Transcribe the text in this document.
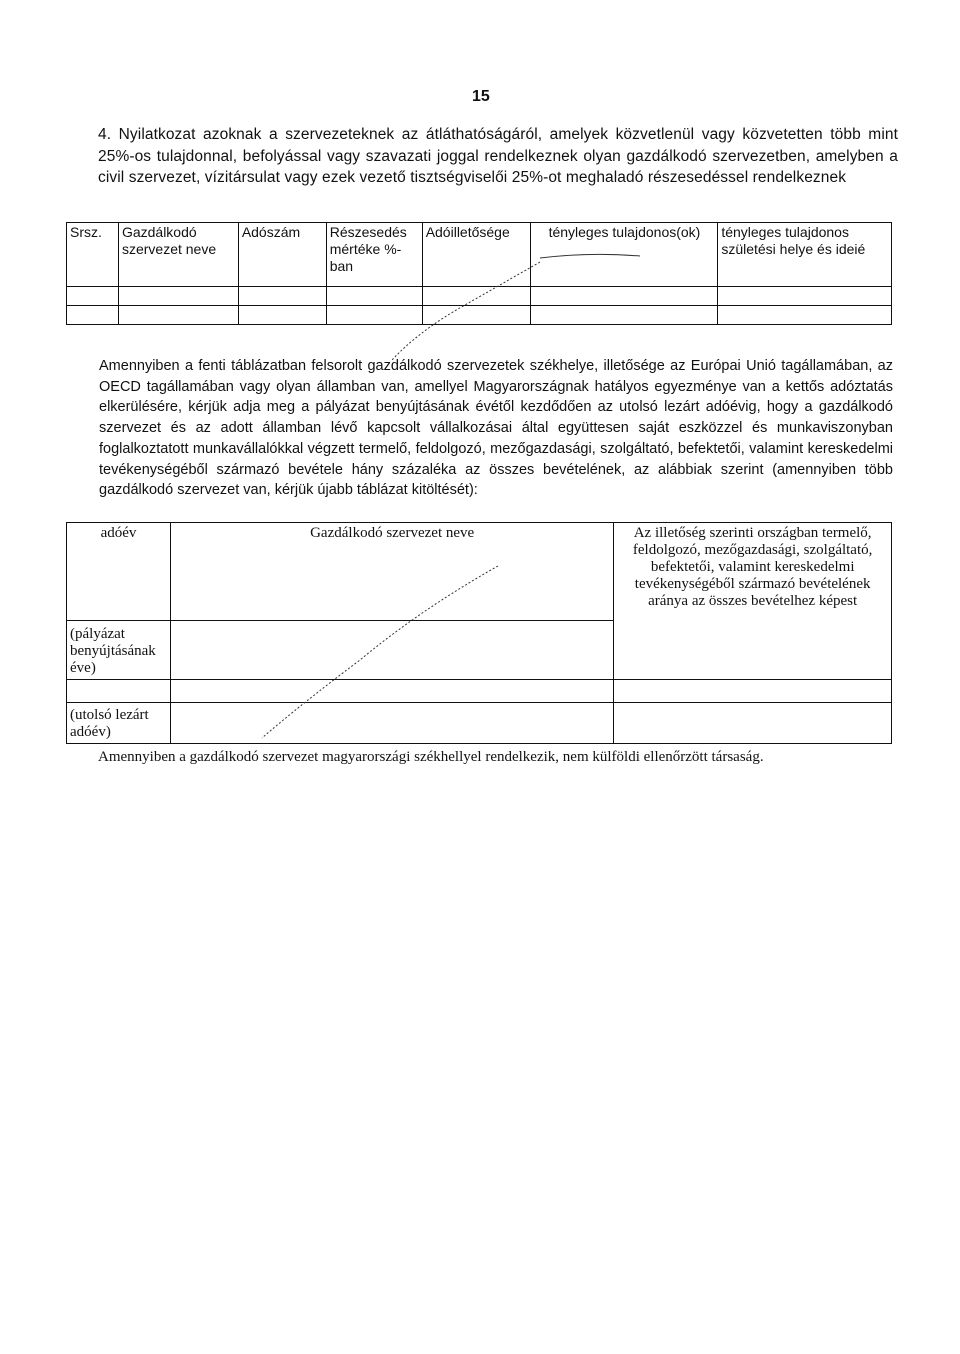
15
4. Nyilatkozat azoknak a szervezeteknek az átláthatóságáról, amelyek közvetlenül vagy közvetetten több mint 25%-os tulajdonnal, befolyással vagy szavazati joggal rendelkeznek olyan gazdálkodó szervezetben, amelyben a civil szervezet, vízitársulat vagy ezek vezető tisztségviselői 25%-ot meghaladó részesedéssel rendelkeznek
Srsz.	Gazdálkodó szervezet neve	Adószám	Részesedés mértéke %-ban	Adóilletősége	tényleges tulajdonos(ok)	tényleges tulajdonos születési helye és ideié

Amennyiben a fenti táblázatban felsorolt gazdálkodó szervezetek székhelye, illetősége az Európai Unió tagállamában, az OECD tagállamában vagy olyan államban van, amellyel Magyarországnak hatályos egyezménye van a kettős adóztatás elkerülésére, kérjük adja meg a pályázat benyújtásának évétől kezdődően az utolsó lezárt adóévig, hogy a gazdálkodó szervezet és az adott államban lévő kapcsolt vállalkozásai által együttesen saját eszközzel és munkaviszonyban foglalkoztatott munkavállalókkal végzett termelő, feldolgozó, mezőgazdasági, szolgáltató, befektetői, valamint kereskedelmi tevékenységéből származó bevétele hány százaléka az összes bevételének, az alábbiak szerint (amennyiben több gazdálkodó szervezet van, kérjük újabb táblázat kitöltését):
adóév	Gazdálkodó szervezet neve	Az illetőség szerinti országban termelő, feldolgozó, mezőgazdasági, szolgáltató, befektetői, valamint kereskedelmi tevékenységéből származó bevételének aránya az összes bevételhez képest
(pályázat benyújtásának éve)		

(utolsó lezárt adóév)		
Amennyiben a gazdálkodó szervezet magyarországi székhellyel rendelkezik, nem külföldi ellenőrzött társaság.
